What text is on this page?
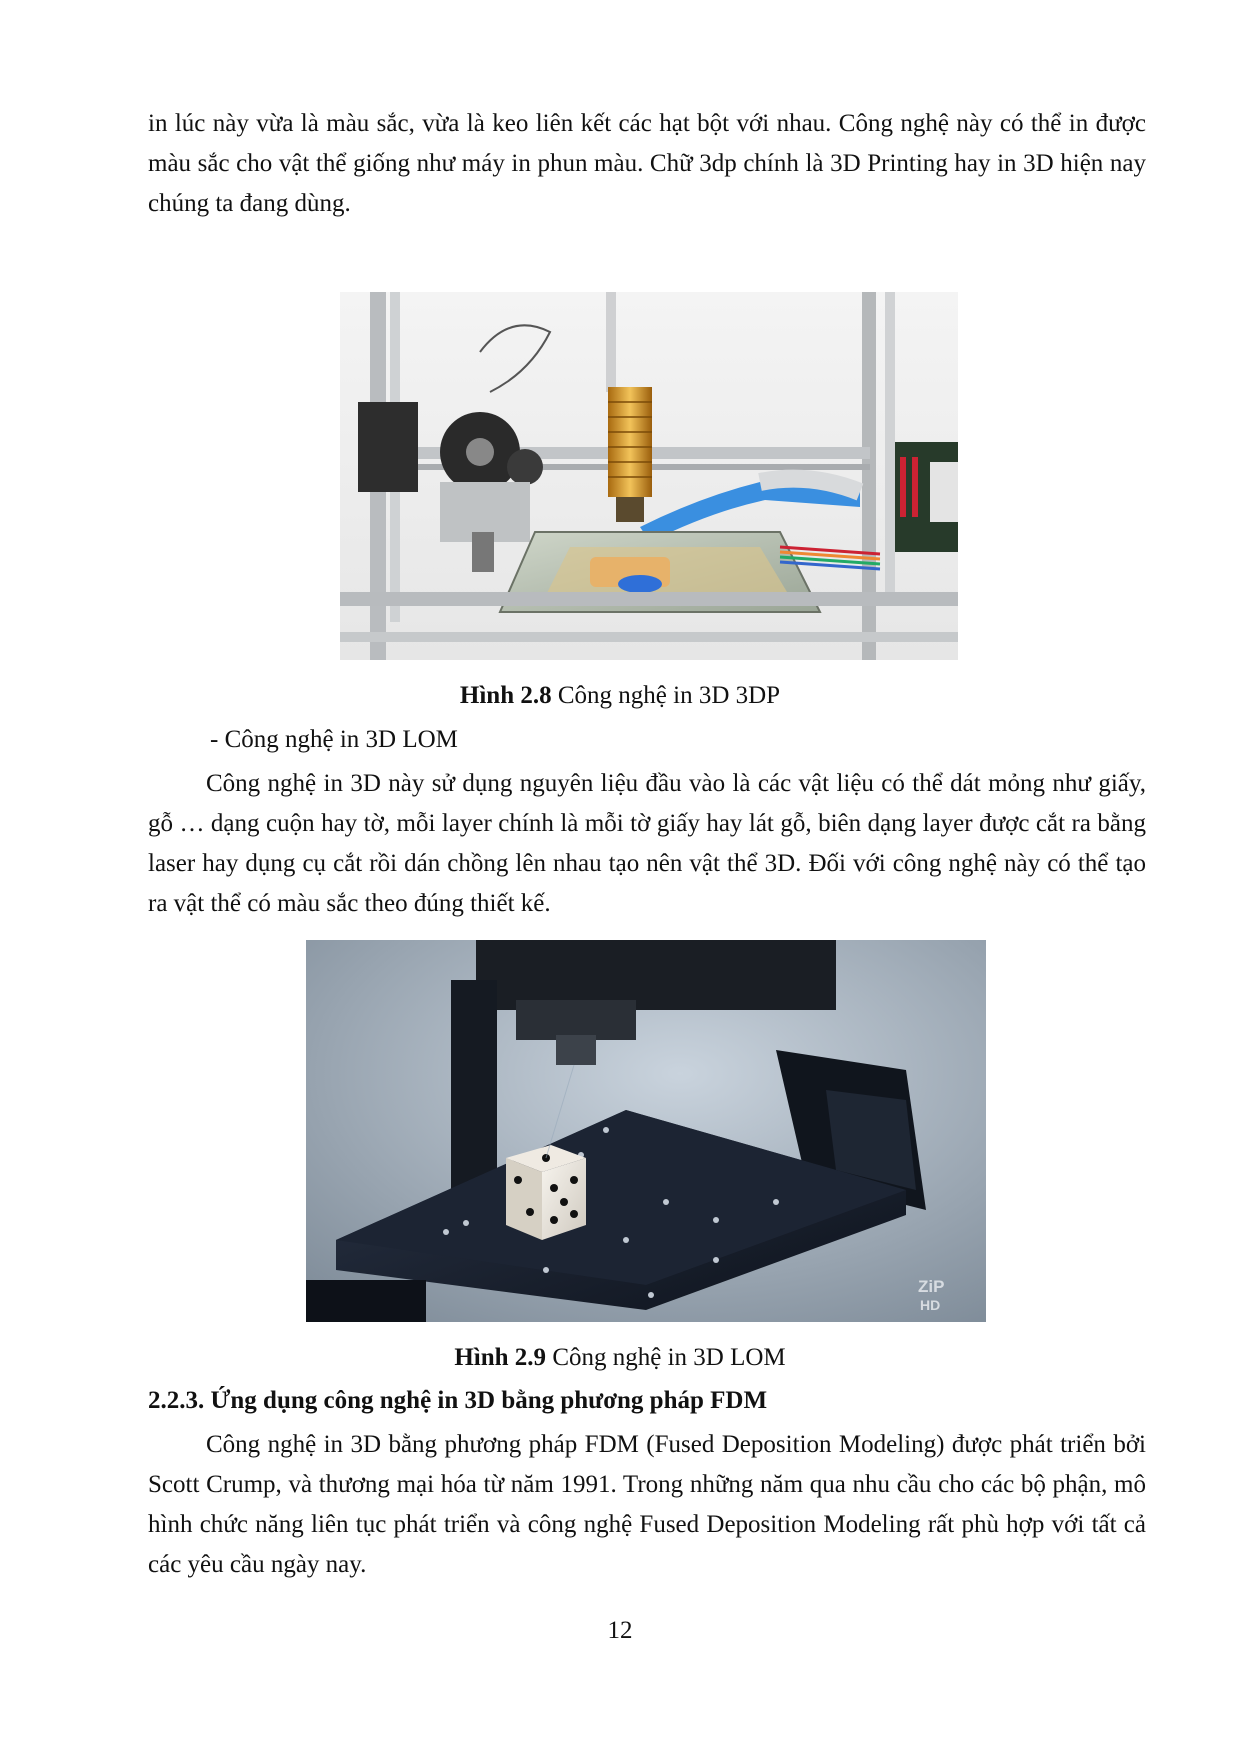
in lúc này vừa là màu sắc, vừa là keo liên kết các hạt bột với nhau. Công nghệ này có thể in được màu sắc cho vật thể giống như máy in phun màu. Chữ 3dp chính là 3D Printing hay in 3D hiện nay chúng ta đang dùng.

Hình 2.8 Công nghệ in 3D 3DP

- Công nghệ in 3D LOM

Công nghệ in 3D này sử dụng nguyên liệu đầu vào là các vật liệu có thể dát mỏng như giấy, gỗ … dạng cuộn hay tờ, mỗi layer chính là mỗi tờ giấy hay lát gỗ, biên dạng layer được cắt ra bằng laser hay dụng cụ cắt rồi dán chồng lên nhau tạo nên vật thể 3D. Đối với công nghệ này có thể tạo ra vật thể có màu sắc theo đúng thiết kế.

ZiP
HD

Hình 2.9 Công nghệ in 3D LOM

2.2.3. Ứng dụng công nghệ in 3D bằng phương pháp FDM

Công nghệ in 3D bằng phương pháp FDM (Fused Deposition Modeling) được phát triển bởi Scott Crump, và thương mại hóa từ năm 1991. Trong những năm qua nhu cầu cho các bộ phận, mô hình chức năng liên tục phát triển và công nghệ Fused Deposition Modeling rất phù hợp với tất cả các yêu cầu ngày nay.

12
